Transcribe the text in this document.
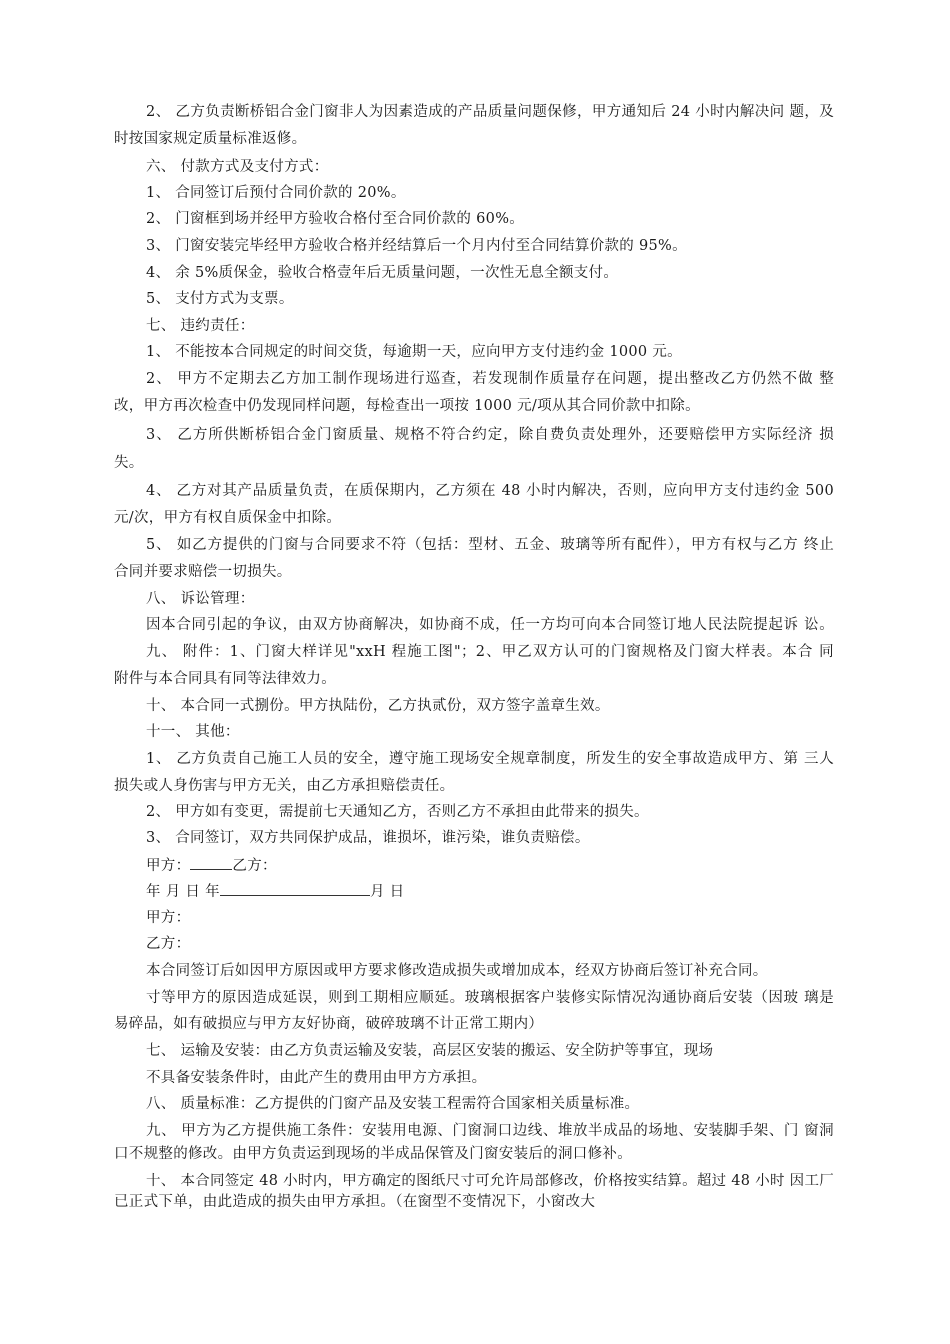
2、 乙方负责断桥铝合金门窗非人为因素造成的产品质量问题保修，甲方通知后 24 小时内解决问 题，及
时按国家规定质量标准返修。
六、 付款方式及支付方式：
1、 合同签订后预付合同价款的 20%。
2、 门窗框到场并经甲方验收合格付至合同价款的 60%。
3、 门窗安装完毕经甲方验收合格并经结算后一个月内付至合同结算价款的 95%。
4、 余 5%质保金，验收合格壹年后无质量问题，一次性无息全额支付。
5、 支付方式为支票。
七、 违约责任：
1、 不能按本合同规定的时间交货，每逾期一天，应向甲方支付违约金 1000 元。
2、 甲方不定期去乙方加工制作现场进行巡查，若发现制作质量存在问题，提出整改乙方仍然不做 整
改，甲方再次检查中仍发现同样问题，每检查出一项按 1000 元/项从其合同价款中扣除。
3、 乙方所供断桥铝合金门窗质量、规格不符合约定，除自费负责处理外，还要赔偿甲方实际经济 损
失。
4、 乙方对其产品质量负责，在质保期内，乙方须在 48 小时内解决，否则，应向甲方支付违约金 500
元/次，甲方有权自质保金中扣除。
5、 如乙方提供的门窗与合同要求不符（包括：型材、五金、玻璃等所有配件），甲方有权与乙方 终止
合同并要求赔偿一切损失。
八、 诉讼管理：
因本合同引起的争议，由双方协商解决，如协商不成，任一方均可向本合同签订地人民法院提起诉 讼。
九、 附件：1、门窗大样详见"xxH 程施工图"；2、甲乙双方认可的门窗规格及门窗大样表。本合 同
附件与本合同具有同等法律效力。
十、 本合同一式捌份。甲方执陆份，乙方执贰份，双方签字盖章生效。
十一、 其他：
1、 乙方负责自己施工人员的安全，遵守施工现场安全规章制度，所发生的安全事故造成甲方、第 三人
损失或人身伤害与甲方无关，由乙方承担赔偿责任。
2、 甲方如有变更，需提前七天通知乙方，否则乙方不承担由此带来的损失。
3、 合同签订，双方共同保护成品，谁损坏，谁污染，谁负责赔偿。
甲方：	乙方：
年 月 日 年	月 日
甲方：
乙方：
本合同签订后如因甲方原因或甲方要求修改造成损失或增加成本，经双方协商后签订补充合同。
寸等甲方的原因造成延误，则到工期相应顺延。玻璃根据客户装修实际情况沟通协商后安装（因玻 璃是
易碎品，如有破损应与甲方友好协商，破碎玻璃不计正常工期内）
七、 运输及安装：由乙方负责运输及安装，高层区安装的搬运、安全防护等事宜，现场
不具备安装条件时，由此产生的费用由甲方方承担。
八、 质量标准：乙方提供的门窗产品及安装工程需符合国家相关质量标准。
九、 甲方为乙方提供施工条件：安装用电源、门窗洞口边线、堆放半成品的场地、安装脚手架、门 窗洞
口不规整的修改。由甲方负责运到现场的半成品保管及门窗安装后的洞口修补。
十、 本合同签定 48 小时内，甲方确定的图纸尺寸可允许局部修改，价格按实结算。超过 48 小时 因工厂
已正式下单，由此造成的损失由甲方承担。（在窗型不变情况下，小窗改大
